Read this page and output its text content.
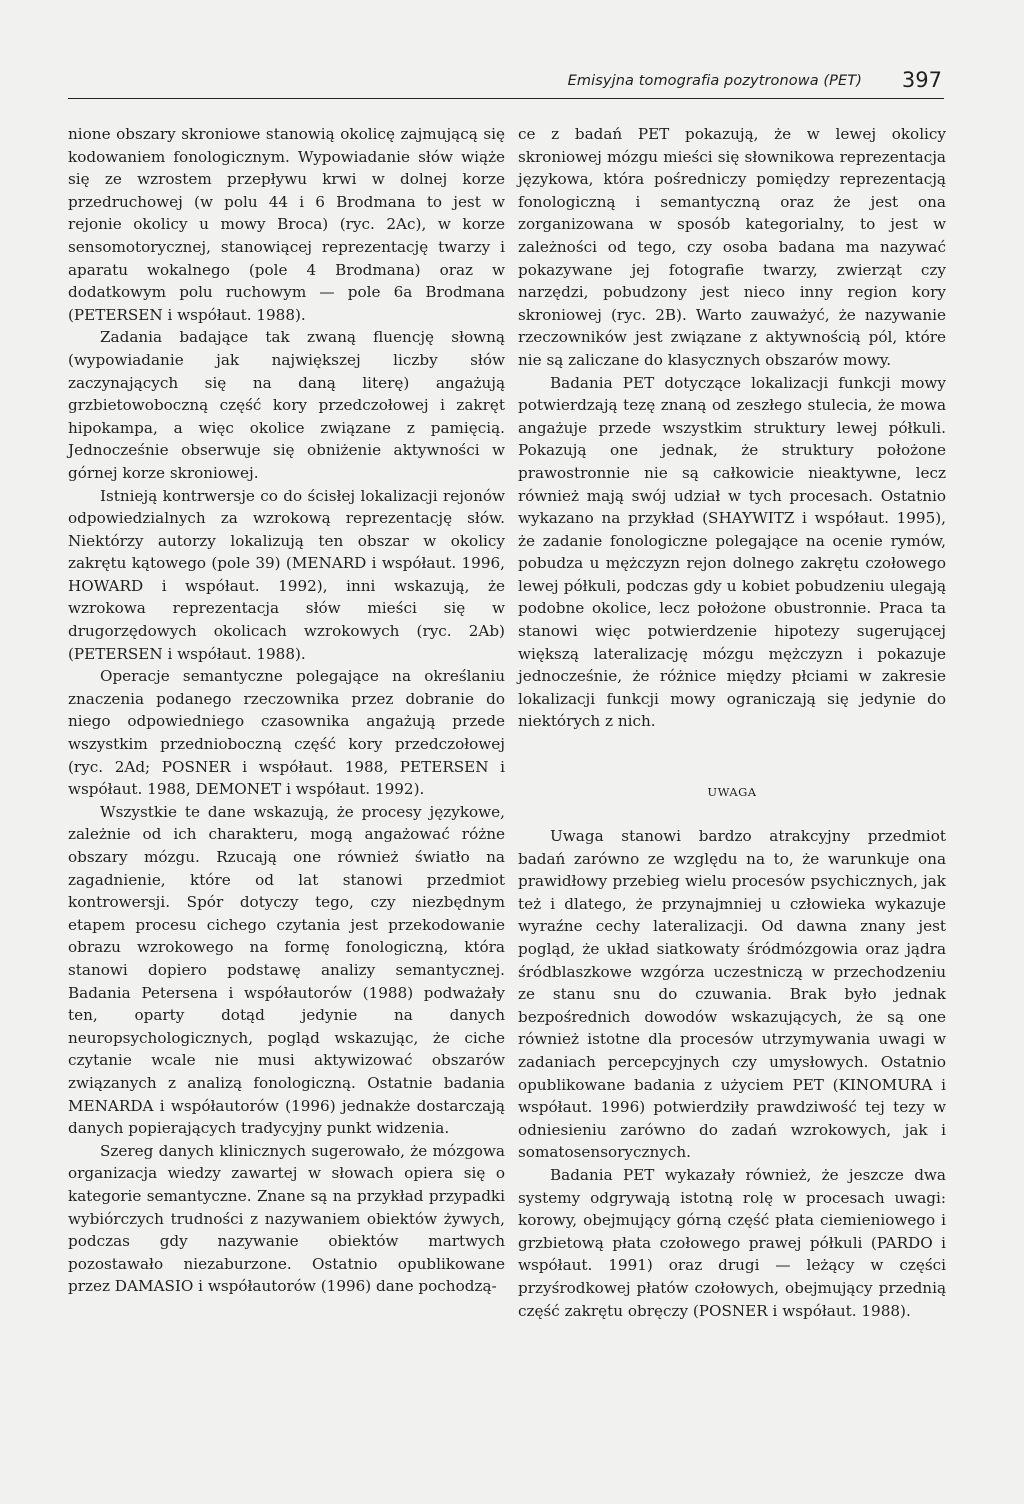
Emisyjna tomografia pozytronowa (PET) 397

nione obszary skroniowe stanowią okolicę zajmującą się kodowaniem fonologicznym. Wypowiadanie słów wiąże się ze wzrostem przepływu krwi w dolnej korze przedruchowej (w polu 44 i 6 Brodmana to jest w rejonie okolicy u mowy Broca) (ryc. 2Ac), w korze sensomotorycznej, stanowiącej reprezentację twarzy i aparatu wokalnego (pole 4 Brodmana) oraz w dodatkowym polu ruchowym — pole 6a Brodmana (PETERSEN i współaut. 1988).

Zadania badające tak zwaną fluencję słowną (wypowiadanie jak największej liczby słów zaczynających się na daną literę) angażują grzbietowoboczną część kory przedczołowej i zakręt hipokampa, a więc okolice związane z pamięcią. Jednocześnie obserwuje się obniżenie aktywności w górnej korze skroniowej.

Istnieją kontrwersje co do ścisłej lokalizacji rejonów odpowiedzialnych za wzrokową reprezentację słów. Niektórzy autorzy lokalizują ten obszar w okolicy zakrętu kątowego (pole 39) (MENARD i współaut. 1996, HOWARD i współaut. 1992), inni wskazują, że wzrokowa reprezentacja słów mieści się w drugorzędowych okolicach wzrokowych (ryc. 2Ab) (PETERSEN i współaut. 1988).

Operacje semantyczne polegające na określaniu znaczenia podanego rzeczownika przez dobranie do niego odpowiedniego czasownika angażują przede wszystkim przednioboczną część kory przedczołowej (ryc. 2Ad; POSNER i współaut. 1988, PETERSEN i współaut. 1988, DEMONET i współaut. 1992).

Wszystkie te dane wskazują, że procesy językowe, zależnie od ich charakteru, mogą angażować różne obszary mózgu. Rzucają one również światło na zagadnienie, które od lat stanowi przedmiot kontrowersji. Spór dotyczy tego, czy niezbędnym etapem procesu cichego czytania jest przekodowanie obrazu wzrokowego na formę fonologiczną, która stanowi dopiero podstawę analizy semantycznej. Badania Petersena i współautorów (1988) podważały ten, oparty dotąd jedynie na danych neuropsychologicznych, pogląd wskazując, że ciche czytanie wcale nie musi aktywizować obszarów związanych z analizą fonologiczną. Ostatnie badania MENARDA i współautorów (1996) jednakże dostarczają danych popierających tradycyjny punkt widzenia.

Szereg danych klinicznych sugerowało, że mózgowa organizacja wiedzy zawartej w słowach opiera się o kategorie semantyczne. Znane są na przykład przypadki wybiórczych trudności z nazywaniem obiektów żywych, podczas gdy nazywanie obiektów martwych pozostawało niezaburzone. Ostatnio opublikowane przez DAMASIO i współautorów (1996) dane pochodzą-

ce z badań PET pokazują, że w lewej okolicy skroniowej mózgu mieści się słownikowa reprezentacja językowa, która pośredniczy pomiędzy reprezentacją fonologiczną i semantyczną oraz że jest ona zorganizowana w sposób kategorialny, to jest w zależności od tego, czy osoba badana ma nazywać pokazywane jej fotografie twarzy, zwierząt czy narzędzi, pobudzony jest nieco inny region kory skroniowej (ryc. 2B). Warto zauważyć, że nazywanie rzeczowników jest związane z aktywnością pól, które nie są zaliczane do klasycznych obszarów mowy.

Badania PET dotyczące lokalizacji funkcji mowy potwierdzają tezę znaną od zeszłego stulecia, że mowa angażuje przede wszystkim struktury lewej półkuli. Pokazują one jednak, że struktury położone prawostronnie nie są całkowicie nieaktywne, lecz również mają swój udział w tych procesach. Ostatnio wykazano na przykład (SHAYWITZ i współaut. 1995), że zadanie fonologiczne polegające na ocenie rymów, pobudza u mężczyzn rejon dolnego zakrętu czołowego lewej półkuli, podczas gdy u kobiet pobudzeniu ulegają podobne okolice, lecz położone obustronnie. Praca ta stanowi więc potwierdzenie hipotezy sugerującej większą lateralizację mózgu mężczyzn i pokazuje jednocześnie, że różnice między płciami w zakresie lokalizacji funkcji mowy ograniczają się jedynie do niektórych z nich.

UWAGA

Uwaga stanowi bardzo atrakcyjny przedmiot badań zarówno ze względu na to, że warunkuje ona prawidłowy przebieg wielu procesów psychicznych, jak też i dlatego, że przynajmniej u człowieka wykazuje wyraźne cechy lateralizacji. Od dawna znany jest pogląd, że układ siatkowaty śródmózgowia oraz jądra śródblaszkowe wzgórza uczestniczą w przechodzeniu ze stanu snu do czuwania. Brak było jednak bezpośrednich dowodów wskazujących, że są one również istotne dla procesów utrzymywania uwagi w zadaniach percepcyjnych czy umysłowych. Ostatnio opublikowane badania z użyciem PET (KINOMURA i współaut. 1996) potwierdziły prawdziwość tej tezy w odniesieniu zarówno do zadań wzrokowych, jak i somatosensorycznych.

Badania PET wykazały również, że jeszcze dwa systemy odgrywają istotną rolę w procesach uwagi: korowy, obejmujący górną część płata ciemieniowego i grzbietową płata czołowego prawej półkuli (PARDO i współaut. 1991) oraz drugi — leżący w części przyśrodkowej płatów czołowych, obejmujący przednią część zakrętu obręczy (POSNER i współaut. 1988).
